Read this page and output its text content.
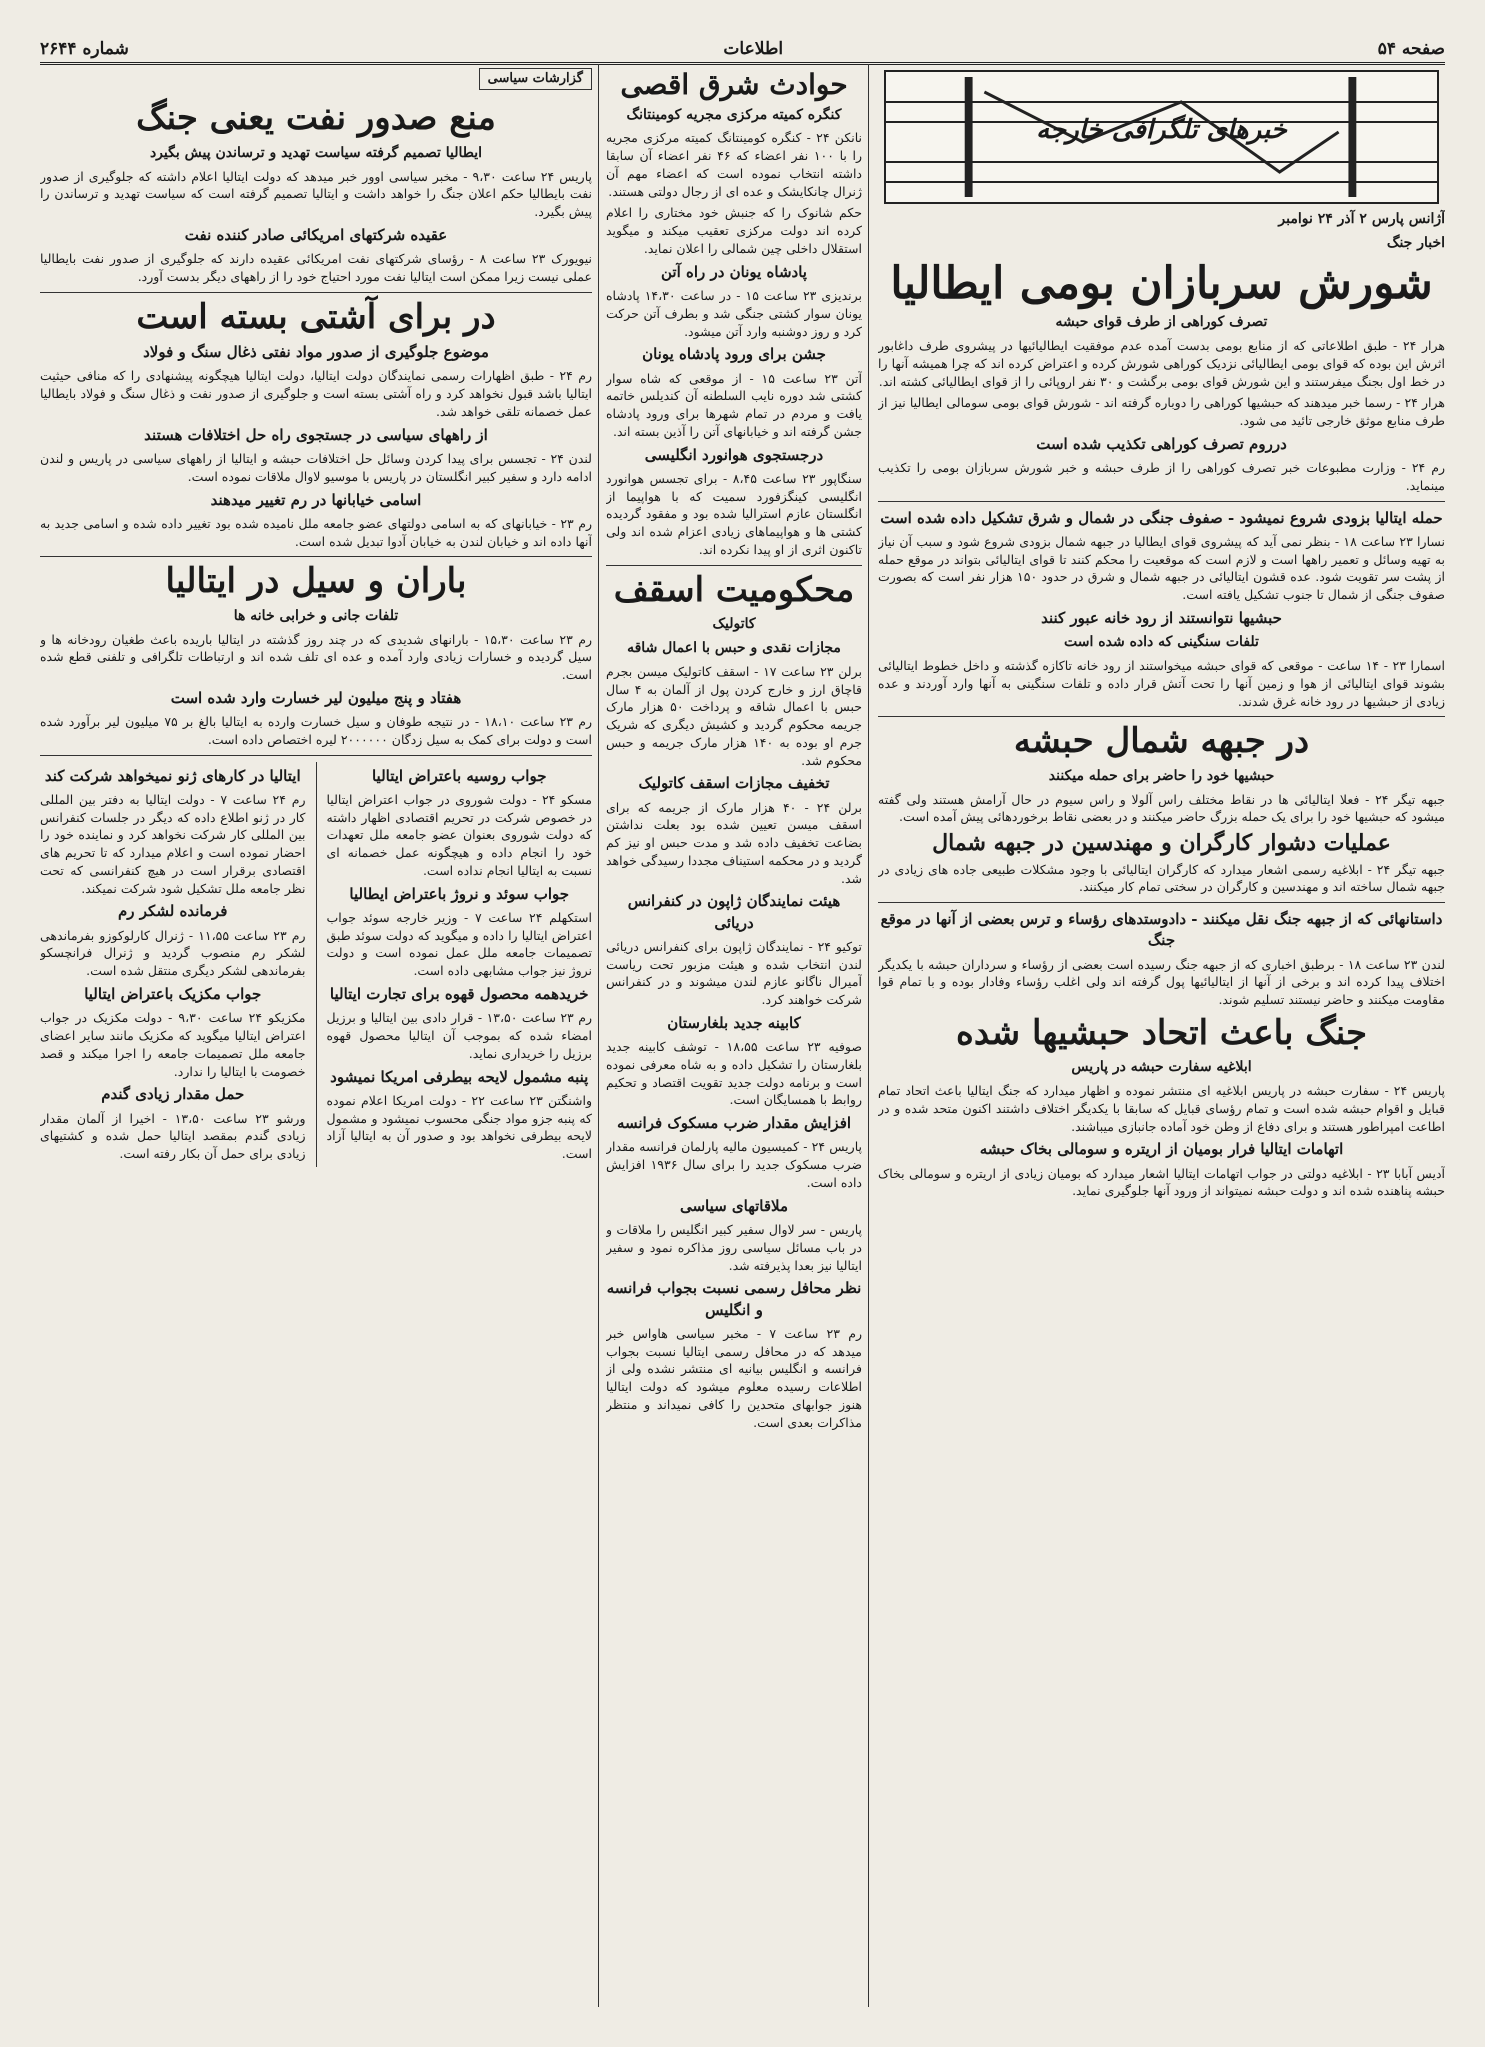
صفحه ۵۴
اطلاعات
شماره ۲۶۴۴
خبرهای تلگرافی خارجه
آژانس پارس ۲ آذر ۲۴ نوامبر
اخبار جنگ
شورش سربازان بومی ایطالیا
تصرف کوراهی از طرف قوای حبشه

هرار ۲۴ - طبق اطلاعاتی که از منابع بومی بدست آمده عدم موفقیت ایطالیائیها در پیشروی طرف داغابور اثرش این بوده که قوای بومی ایطالیائی نزدیک کوراهی شورش کرده و اعتراض کرده اند که چرا همیشه آنها را در خط اول بجنگ میفرستند و این شورش قوای بومی برگشت و ۳۰ نفر اروپائی را از قوای ایطالیائی کشته اند.

هرار ۲۴ - رسما خبر میدهند که حبشیها کوراهی را دوباره گرفته اند - شورش قوای بومی سومالی ایطالیا نیز از طرف منابع موثق خارجی تائید می شود.

درروم تصرف کوراهی تکذیب شده است

رم ۲۴ - وزارت مطبوعات خبر تصرف کوراهی را از طرف حبشه و خبر شورش سربازان بومی را تکذیب مینماید.

حمله ایتالیا بزودی شروع نمیشود - صفوف جنگی در شمال و شرق تشکیل داده شده است

نسارا ۲۳ ساعت ۱۸ - بنظر نمی آید که پیشروی قوای ایطالیا در جبهه شمال بزودی شروع شود و سبب آن نیاز به تهیه وسائل و تعمیر راهها است و لازم است که موقعیت را محکم کنند تا قوای ایتالیائی بتواند در موقع حمله از پشت سر تقویت شود. عده قشون ایتالیائی در جبهه شمال و شرق در حدود ۱۵۰ هزار نفر است که بصورت صفوف جنگی از شمال تا جنوب تشکیل یافته است.

حبشیها نتوانستند از رود خانه عبور کنند
تلفات سنگینی که داده شده است

اسمارا ۲۳ - ۱۴ ساعت - موقعی که قوای حبشه میخواستند از رود خانه تاکازه گذشته و داخل خطوط ایتالیائی بشوند قوای ایتالیائی از هوا و زمین آنها را تحت آتش قرار داده و تلفات سنگینی به آنها وارد آوردند و عده زیادی از حبشیها در رود خانه غرق شدند.

در جبهه شمال حبشه
حبشیها خود را حاضر برای حمله میکنند

جبهه تیگر ۲۴ - فعلا ایتالیائی ها در نقاط مختلف راس آلولا و راس سیوم در حال آرامش هستند ولی گفته میشود که حبشیها خود را برای یک حمله بزرگ حاضر میکنند و در بعضی نقاط برخوردهائی پیش آمده است.

عملیات دشوار کارگران و مهندسین در جبهه شمال

جبهه تیگر ۲۴ - ابلاغیه رسمی اشعار میدارد که کارگران ایتالیائی با وجود مشکلات طبیعی جاده های زیادی در جبهه شمال ساخته اند و مهندسین و کارگران در سختی تمام کار میکنند.

داستانهائی که از جبهه جنگ نقل میکنند - دادوستدهای رؤساء و ترس بعضی از آنها در موقع جنگ

لندن ۲۳ ساعت ۱۸ - برطبق اخباری که از جبهه جنگ رسیده است بعضی از رؤساء و سرداران حبشه با یکدیگر اختلاف پیدا کرده اند و برخی از آنها از ایتالیائیها پول گرفته اند ولی اغلب رؤساء وفادار بوده و با تمام قوا مقاومت میکنند و حاضر نیستند تسلیم شوند.

جنگ باعث اتحاد حبشیها شده
ابلاغیه سفارت حبشه در پاریس

پاریس ۲۴ - سفارت حبشه در پاریس ابلاغیه ای منتشر نموده و اظهار میدارد که جنگ ایتالیا باعث اتحاد تمام قبایل و اقوام حبشه شده است و تمام رؤسای قبایل که سابقا با یکدیگر اختلاف داشتند اکنون متحد شده و در اطاعت امپراطور هستند و برای دفاع از وطن خود آماده جانبازی میباشند.

اتهامات ایتالیا فرار بومیان از اریتره و سومالی بخاک حبشه

آدیس آبابا ۲۳ - ابلاغیه دولتی در جواب اتهامات ایتالیا اشعار میدارد که بومیان زیادی از اریتره و سومالی بخاک حبشه پناهنده شده اند و دولت حبشه نمیتواند از ورود آنها جلوگیری نماید.

حوادث شرق اقصی
کنگره کمیته مرکزی مجریه کومینتانگ

نانکن ۲۴ - کنگره کومینتانگ کمیته مرکزی مجریه را با ۱۰۰ نفر اعضاء که ۴۶ نفر اعضاء آن سابقا داشته انتخاب نموده است که اعضاء مهم آن ژنرال چانکایشک و عده ای از رجال دولتی هستند.

حکم شانوک را که جنبش خود مختاری را اعلام کرده اند دولت مرکزی تعقیب میکند و میگوید استقلال داخلی چین شمالی را اعلان نماید.

پادشاه یونان در راه آتن

برندیزی ۲۳ ساعت ۱۵ - در ساعت ۱۴،۳۰ پادشاه یونان سوار کشتی جنگی شد و بطرف آتن حرکت کرد و روز دوشنبه وارد آتن میشود.

جشن برای ورود پادشاه یونان

آتن ۲۳ ساعت ۱۵ - از موقعی که شاه سوار کشتی شد دوره نایب السلطنه آن کندیلس خاتمه یافت و مردم در تمام شهرها برای ورود پادشاه جشن گرفته اند و خیابانهای آتن را آذین بسته اند.

درجستجوی هوانورد انگلیسی

سنگاپور ۲۳ ساعت ۸،۴۵ - برای تجسس هوانورد انگلیسی کینگزفورد سمیت که با هواپیما از انگلستان عازم استرالیا شده بود و مفقود گردیده کشتی ها و هواپیماهای زیادی اعزام شده اند ولی تاکنون اثری از او پیدا نکرده اند.

محکومیت اسقف
کاتولیک
مجازات نقدی و حبس با اعمال شاقه

برلن ۲۳ ساعت ۱۷ - اسقف کاتولیک میسن بجرم قاچاق ارز و خارج کردن پول از آلمان به ۴ سال حبس با اعمال شاقه و پرداخت ۵۰ هزار مارک جریمه محکوم گردید و کشیش دیگری که شریک جرم او بوده به ۱۴۰ هزار مارک جریمه و حبس محکوم شد.

تخفیف مجازات اسقف کاتولیک

برلن ۲۴ - ۴۰ هزار مارک از جریمه که برای اسقف میسن تعیین شده بود بعلت نداشتن بضاعت تخفیف داده شد و مدت حبس او نیز کم گردید و در محکمه استیناف مجددا رسیدگی خواهد شد.

هیئت نمایندگان ژاپون در کنفرانس دریائی

توکیو ۲۴ - نمایندگان ژاپون برای کنفرانس دریائی لندن انتخاب شده و هیئت مزبور تحت ریاست آمیرال ناگانو عازم لندن میشوند و در کنفرانس شرکت خواهند کرد.

کابینه جدید بلغارستان

صوفیه ۲۳ ساعت ۱۸،۵۵ - توشف کابینه جدید بلغارستان را تشکیل داده و به شاه معرفی نموده است و برنامه دولت جدید تقویت اقتصاد و تحکیم روابط با همسایگان است.

افزایش مقدار ضرب مسکوک فرانسه

پاریس ۲۴ - کمیسیون مالیه پارلمان فرانسه مقدار ضرب مسکوک جدید را برای سال ۱۹۳۶ افزایش داده است.

ملاقاتهای سیاسی

پاریس - سر لاوال سفیر کبیر انگلیس را ملاقات و در باب مسائل سیاسی روز مذاکره نمود و سفیر ایتالیا نیز بعدا پذیرفته شد.

نظر محافل رسمی نسبت بجواب فرانسه و انگلیس

رم ۲۳ ساعت ۷ - مخبر سیاسی هاواس خبر میدهد که در محافل رسمی ایتالیا نسبت بجواب فرانسه و انگلیس بیانیه ای منتشر نشده ولی از اطلاعات رسیده معلوم میشود که دولت ایتالیا هنوز جوابهای متحدین را کافی نمیداند و منتظر مذاکرات بعدی است.

گزارشات سیاسی
منع صدور نفت یعنی جنگ
ایطالیا تصمیم گرفته سیاست تهدید و ترساندن پیش بگیرد

پاریس ۲۴ ساعت ۹،۳۰ - مخبر سیاسی اوور خبر میدهد که دولت ایتالیا اعلام داشته که جلوگیری از صدور نفت بایطالیا حکم اعلان جنگ را خواهد داشت و ایتالیا تصمیم گرفته است که سیاست تهدید و ترساندن را پیش بگیرد.

عقیده شرکتهای امریکائی صادر کننده نفت

نیویورک ۲۳ ساعت ۸ - رؤسای شرکتهای نفت امریکائی عقیده دارند که جلوگیری از صدور نفت بایطالیا عملی نیست زیرا ممکن است ایتالیا نفت مورد احتیاج خود را از راههای دیگر بدست آورد.

در برای آشتی بسته است
موضوع جلوگیری از صدور مواد نفتی ذغال سنگ و فولاد

رم ۲۴ - طبق اظهارات رسمی نمایندگان دولت ایتالیا، دولت ایتالیا هیچگونه پیشنهادی را که منافی حیثیت ایتالیا باشد قبول نخواهد کرد و راه آشتی بسته است و جلوگیری از صدور نفت و ذغال سنگ و فولاد بایطالیا عمل خصمانه تلقی خواهد شد.

از راههای سیاسی در جستجوی راه حل اختلافات هستند

لندن ۲۴ - تجسس برای پیدا کردن وسائل حل اختلافات حبشه و ایتالیا از راههای سیاسی در پاریس و لندن ادامه دارد و سفیر کبیر انگلستان در پاریس با موسیو لاوال ملاقات نموده است.

اسامی خیابانها در رم تغییر میدهند

رم ۲۳ - خیابانهای که به اسامی دولتهای عضو جامعه ملل نامیده شده بود تغییر داده شده و اسامی جدید به آنها داده اند و خیابان لندن به خیابان آدوا تبدیل شده است.

باران و سیل در ایتالیا
تلفات جانی و خرابی خانه ها

رم ۲۳ ساعت ۱۵،۳۰ - بارانهای شدیدی که در چند روز گذشته در ایتالیا باریده باعث طغیان رودخانه ها و سیل گردیده و خسارات زیادی وارد آمده و عده ای تلف شده اند و ارتباطات تلگرافی و تلفنی قطع شده است.

هفتاد و پنج میلیون لیر خسارت وارد شده است

رم ۲۳ ساعت ۱۸،۱۰ - در نتیجه طوفان و سیل خسارت وارده به ایتالیا بالغ بر ۷۵ میلیون لیر برآورد شده است و دولت برای کمک به سیل زدگان ۲۰۰۰۰۰۰ لیره اختصاص داده است.

جواب روسیه باعتراض ایتالیا

مسکو ۲۴ - دولت شوروی در جواب اعتراض ایتالیا در خصوص شرکت در تحریم اقتصادی اظهار داشته که دولت شوروی بعنوان عضو جامعه ملل تعهدات خود را انجام داده و هیچگونه عمل خصمانه ای نسبت به ایتالیا انجام نداده است.

جواب سوئد و نروژ باعتراض ایطالیا

استکهلم ۲۴ ساعت ۷ - وزیر خارجه سوئد جواب اعتراض ایتالیا را داده و میگوید که دولت سوئد طبق تصمیمات جامعه ملل عمل نموده است و دولت نروژ نیز جواب مشابهی داده است.

خریدهمه محصول قهوه برای تجارت ایتالیا

رم ۲۳ ساعت ۱۳،۵۰ - قرار دادی بین ایتالیا و برزیل امضاء شده که بموجب آن ایتالیا محصول قهوه برزیل را خریداری نماید.

پنبه مشمول لایحه بیطرفی امریکا نمیشود

واشنگتن ۲۳ ساعت ۲۲ - دولت امریکا اعلام نموده که پنبه جزو مواد جنگی محسوب نمیشود و مشمول لایحه بیطرفی نخواهد بود و صدور آن به ایتالیا آزاد است.

ایتالیا در کارهای ژنو نمیخواهد شرکت کند

رم ۲۴ ساعت ۷ - دولت ایتالیا به دفتر بین المللی کار در ژنو اطلاع داده که دیگر در جلسات کنفرانس بین المللی کار شرکت نخواهد کرد و نماینده خود را احضار نموده است و اعلام میدارد که تا تحریم های اقتصادی برقرار است در هیچ کنفرانسی که تحت نظر جامعه ملل تشکیل شود شرکت نمیکند.

فرمانده لشکر رم

رم ۲۳ ساعت ۱۱،۵۵ - ژنرال کارلوکوزو بفرماندهی لشکر رم منصوب گردید و ژنرال فرانچسکو بفرماندهی لشکر دیگری منتقل شده است.

جواب مکزیک باعتراض ایتالیا

مکزیکو ۲۴ ساعت ۹،۳۰ - دولت مکزیک در جواب اعتراض ایتالیا میگوید که مکزیک مانند سایر اعضای جامعه ملل تصمیمات جامعه را اجرا میکند و قصد خصومت با ایتالیا را ندارد.

حمل مقدار زیادی گندم

ورشو ۲۳ ساعت ۱۳،۵۰ - اخیرا از آلمان مقدار زیادی گندم بمقصد ایتالیا حمل شده و کشتیهای زیادی برای حمل آن بکار رفته است.
